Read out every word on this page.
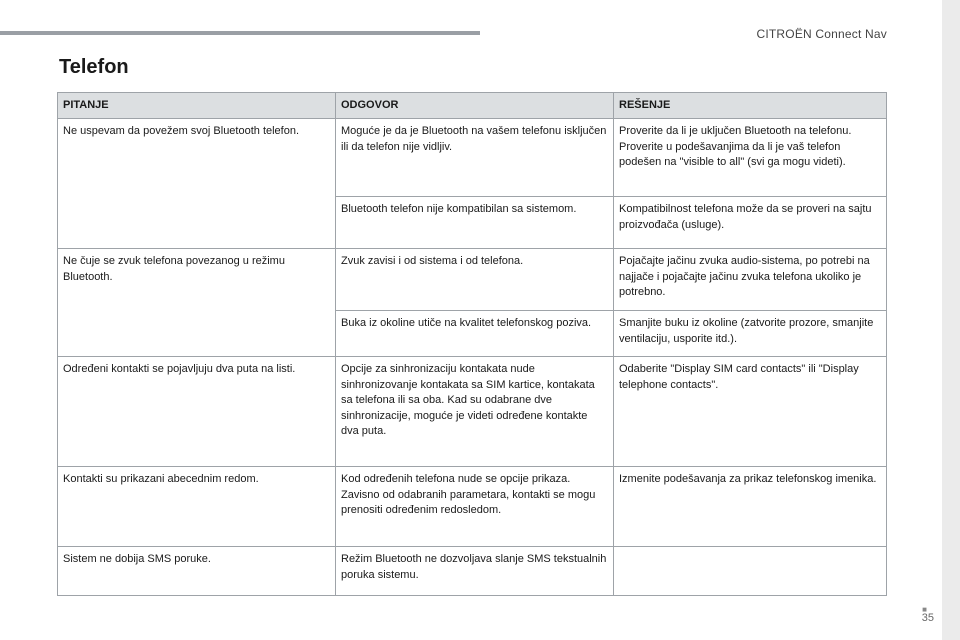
CITROËN Connect Nav
Telefon
PITANJE	ODGOVOR	REŠENJE
Ne uspevam da povežem svoj Bluetooth telefon.	Moguće je da je Bluetooth na vašem telefonu isključen ili da telefon nije vidljiv.	Proverite da li je uključen Bluetooth na telefonu. Proverite u podešavanjima da li je vaš telefon podešen na "visible to all" (svi ga mogu videti).
	Bluetooth telefon nije kompatibilan sa sistemom.	Kompatibilnost telefona može da se proveri na sajtu proizvođača (usluge).
Ne čuje se zvuk telefona povezanog u režimu Bluetooth.	Zvuk zavisi i od sistema i od telefona.	Pojačajte jačinu zvuka audio-sistema, po potrebi na najjače i pojačajte jačinu zvuka telefona ukoliko je potrebno.
	Buka iz okoline utiče na kvalitet telefonskog poziva.	Smanjite buku iz okoline (zatvorite prozore, smanjite ventilaciju, usporite itd.).
Određeni kontakti se pojavljuju dva puta na listi.	Opcije za sinhronizaciju kontakata nude sinhronizovanje kontakata sa SIM kartice, kontakata sa telefona ili sa oba. Kad su odabrane dve sinhronizacije, moguće je videti određene kontakte dva puta.	Odaberite "Display SIM card contacts" ili "Display telephone contacts".
Kontakti su prikazani abecednim redom.	Kod određenih telefona nude se opcije prikaza. Zavisno od odabranih parametara, kontakti se mogu prenositi određenim redosledom.	Izmenite podešavanja za prikaz telefonskog imenika.
Sistem ne dobija SMS poruke.	Režim Bluetooth ne dozvoljava slanje SMS tekstualnih poruka sistemu.	
■
35
